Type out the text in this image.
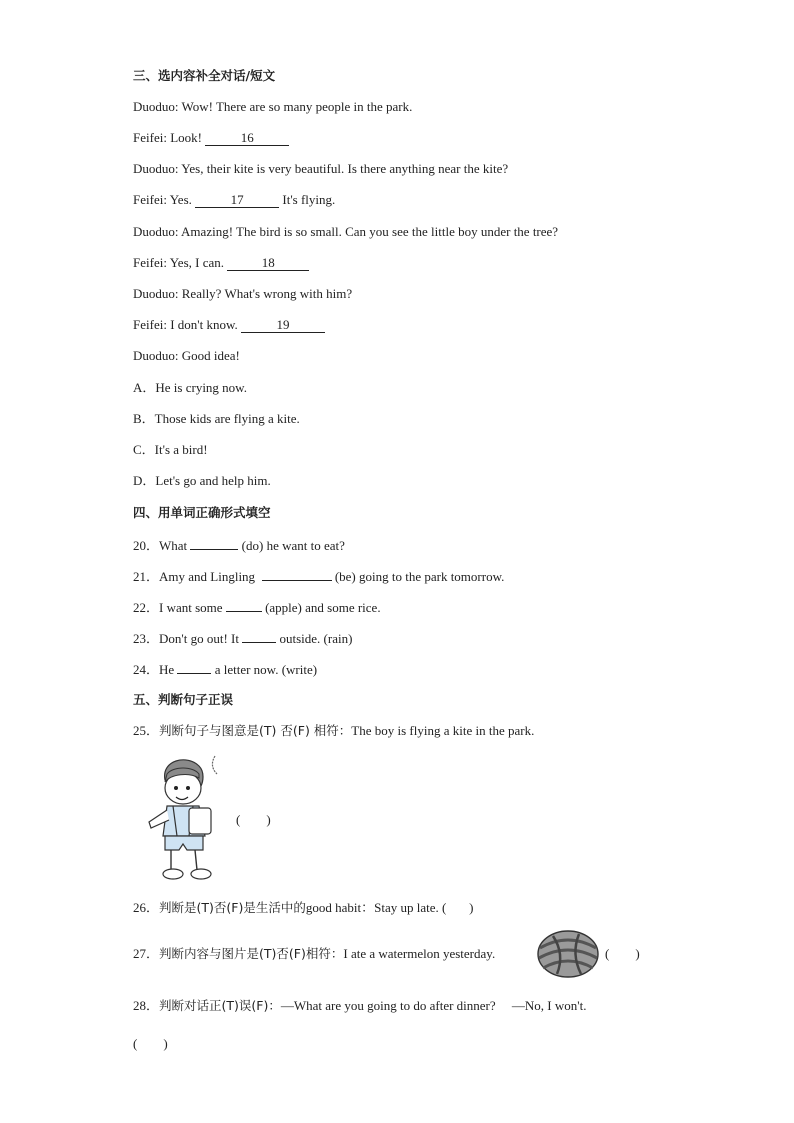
三、选内容补全对话/短文
Duoduo: Wow! There are so many people in the park.
Feifei: Look!	16
Duoduo: Yes, their kite is very beautiful. Is there anything near the kite?
Feifei: Yes.	17	It's flying.
Duoduo: Amazing! The bird is so small. Can you see the little boy under the tree?
Feifei: Yes, I can.	18
Duoduo: Really? What's wrong with him?
Feifei: I don't know.	19
Duoduo: Good idea!
A．He is crying now.
B．Those kids are flying a kite.
C．It's a bird!
D．Let's go and help him.
四、用单词正确形式填空
20．What	(do) he want to eat?
21．Amy and Lingling	(be) going to the park tomorrow.
22．I want some	(apple) and some rice.
23．Don't go out! It	outside. (rain)
24．He	a letter now. (write)
五、判断句子正误
25．判断句子与图意是(T) 否(F) 相符：The boy is flying a kite in the park.
(　　)
26．判断是(T)否(F)是生活中的good habit：Stay up late. ( )
27．判断内容与图片是(T)否(F)相符：I ate a watermelon yesterday.	(　　)
28．判断对话正(T)误(F)：—What are you going to do after dinner?　 —No, I won't.
(　　)
